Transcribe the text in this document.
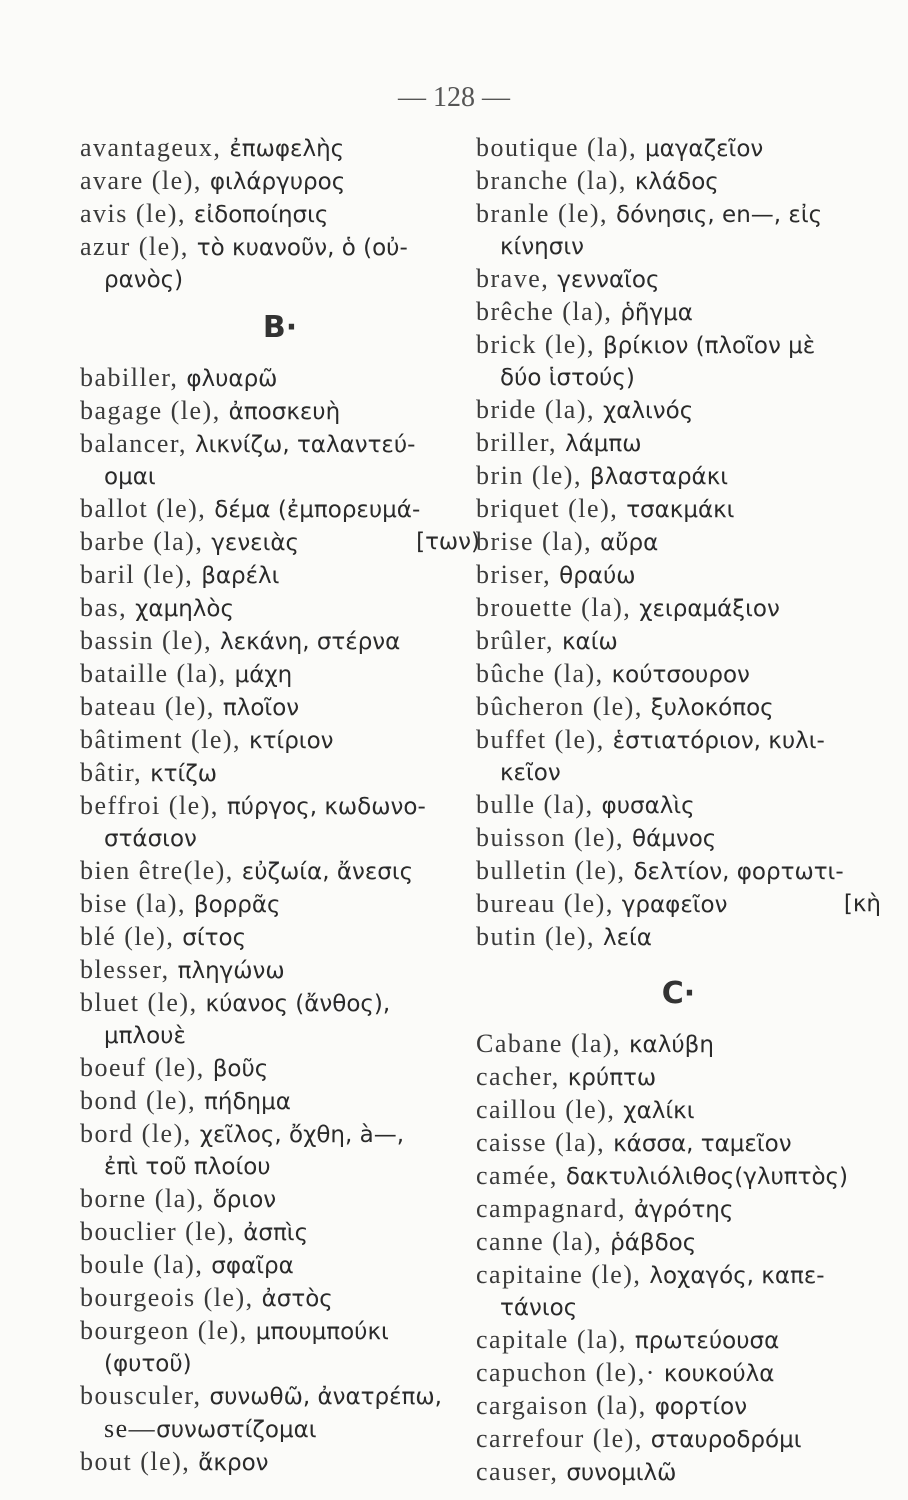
— 128 —
avantageux, ἐπωφελὴς
avare (le), φιλάργυρος
avis (le), εἰδοποίησις
azur (le), τὸ κυανοῦν, ὁ (οὐ-
ρανὸς)
B·
babiller, φλυαρῶ
bagage (le), ἀποσκευὴ
balancer, λικνίζω, ταλαντεύ-
ομαι
ballot (le), δέμα (ἐμπορευμά-
barbe (la), γενειὰς	[των)
baril (le), βαρέλι
bas, χαμηλὸς
bassin (le), λεκάνη, στέρνα
bataille (la), μάχη
bateau (le), πλοῖον
bâtiment (le), κτίριον
bâtir, κτίζω
beffroi (le), πύργος, κωδωνο-
στάσιον
bien être(le), εὐζωία, ἄνεσις
bise (la), βορρᾶς
blé (le), σίτος
blesser, πληγώνω
bluet (le), κύανος (ἄνθος),
μπλουὲ
boeuf (le), βοῦς
bond (le), πήδημα
bord (le), χεῖλος, ὄχθη, à—,
ἐπὶ τοῦ πλοίου
borne (la), ὅριον
bouclier (le), ἀσπὶς
boule (la), σφαῖρα
bourgeois (le), ἀστὸς
bourgeon (le), μπουμπούκι
(φυτοῦ)
bousculer, συνωθῶ, ἀνατρέπω,
se—συνωστίζομαι
bout (le), ἄκρον
boutique (la), μαγαζεῖον
branche (la), κλάδος
branle (le), δόνησις, en—, εἰς
κίνησιν
brave, γενναῖος
brêche (la), ῥῆγμα
brick (le), βρίκιον (πλοῖον μὲ
δύο ἱστούς)
bride (la), χαλινός
briller, λάμπω
brin (le), βλασταράκι
briquet (le), τσακμάκι
brise (la), αὔρα
briser, θραύω
brouette (la), χειραμάξιον
brûler, καίω
bûche (la), κούτσουρον
bûcheron (le), ξυλοκόπος
buffet (le), ἑστιατόριον, κυλι-
κεῖον
bulle (la), φυσαλὶς
buisson (le), θάμνος
bulletin (le), δελτίον, φορτωτι-
bureau (le), γραφεῖον	[κὴ
butin (le), λεία
C·
Cabane (la), καλύβη
cacher, κρύπτω
caillou (le), χαλίκι
caisse (la), κάσσα, ταμεῖον
camée, δακτυλιόλιθος(γλυπτὸς)
campagnard, ἀγρότης
canne (la), ῥάβδος
capitaine (le), λοχαγός, καπε-
τάνιος
capitale (la), πρωτεύουσα
capuchon (le),· κουκούλα
cargaison (la), φορτίον
carrefour (le), σταυροδρόμι
causer, συνομιλῶ
